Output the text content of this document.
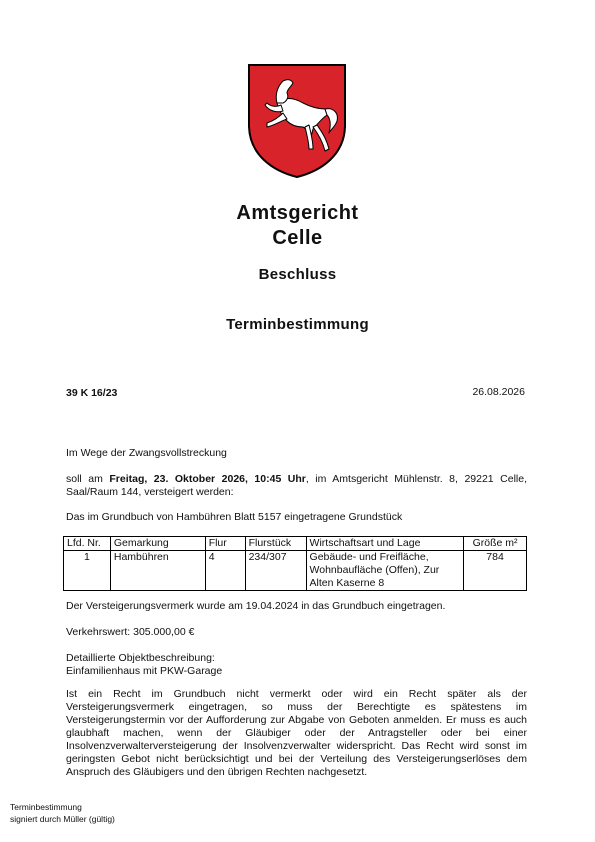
Amtsgericht
Celle
Beschluss
Terminbestimmung
39 K 16/23	26.08.2026
Im Wege der Zwangsvollstreckung
soll am Freitag, 23. Oktober 2026, 10:45 Uhr, im Amtsgericht Mühlenstr. 8, 29221 Celle, Saal/Raum 144, versteigert werden:
Das im Grundbuch von Hambühren Blatt 5157 eingetragene Grundstück
Lfd. Nr.	Gemarkung	Flur	Flurstück	Wirtschaftsart und Lage	Größe m²
1	Hambühren	4	234/307	Gebäude- und Freifläche, Wohnbaufläche (Offen), Zur Alten Kaserne 8	784
Der Versteigerungsvermerk wurde am 19.04.2024 in das Grundbuch eingetragen.
Verkehrswert: 305.000,00 €
Detaillierte Objektbeschreibung:
Einfamilienhaus mit PKW-Garage
Ist ein Recht im Grundbuch nicht vermerkt oder wird ein Recht später als der Versteigerungsvermerk eingetragen, so muss der Berechtigte es spätestens im Versteigerungstermin vor der Aufforderung zur Abgabe von Geboten anmelden. Er muss es auch glaubhaft machen, wenn der Gläubiger oder der Antragsteller oder bei einer Insolvenzverwalterversteigerung der Insolvenzverwalter widerspricht. Das Recht wird sonst im geringsten Gebot nicht berücksichtigt und bei der Verteilung des Versteigerungserlöses dem Anspruch des Gläubigers und den übrigen Rechten nachgesetzt.
Terminbestimmung
signiert durch Müller (gültig)
